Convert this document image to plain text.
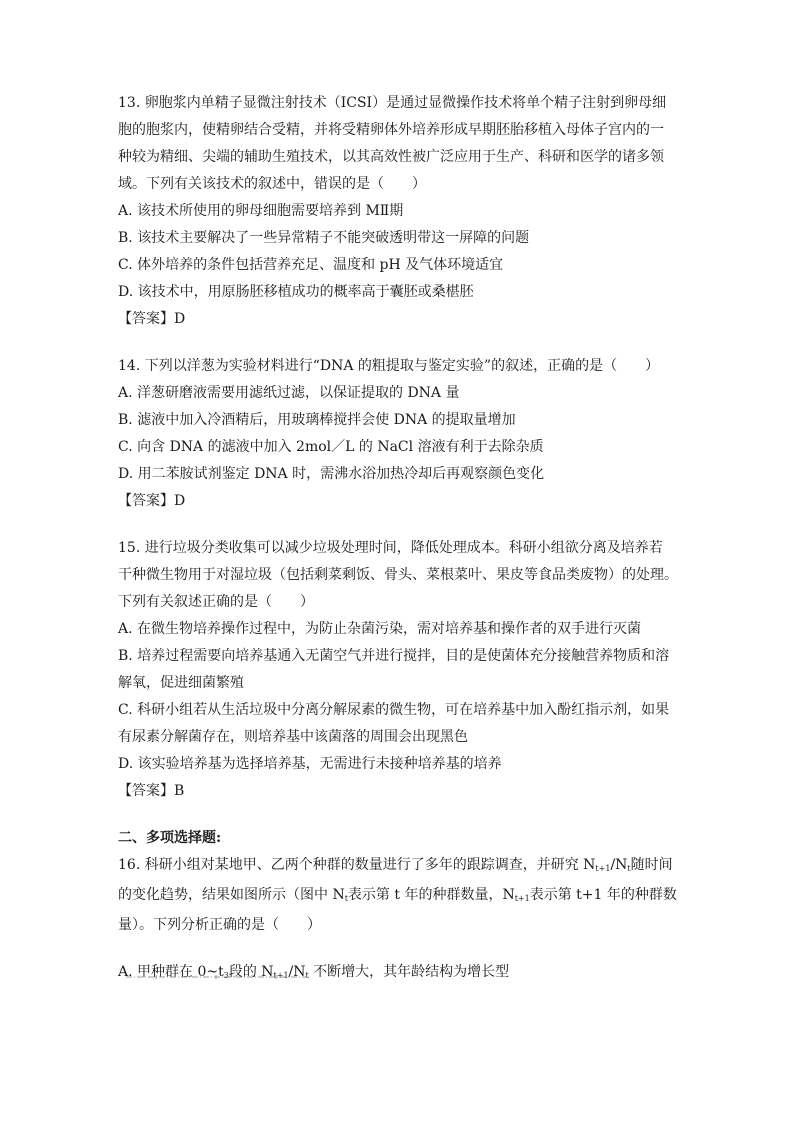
13. 卵胞浆内单精子显微注射技术（ICSI）是通过显微操作技术将单个精子注射到卵母细
胞的胞浆内，使精卵结合受精，并将受精卵体外培养形成早期胚胎移植入母体子宫内的一
种较为精细、尖端的辅助生殖技术，以其高效性被广泛应用于生产、科研和医学的诸多领
域。下列有关该技术的叙述中，错误的是（　　）
A. 该技术所使用的卵母细胞需要培养到 MⅡ期
B. 该技术主要解决了一些异常精子不能突破透明带这一屏障的问题
C. 体外培养的条件包括营养充足、温度和 pH 及气体环境适宜
D. 该技术中，用原肠胚移植成功的概率高于囊胚或桑椹胚
【答案】D
14. 下列以洋葱为实验材料进行“DNA 的粗提取与鉴定实验”的叙述，正确的是（　　）
A. 洋葱研磨液需要用滤纸过滤，以保证提取的 DNA 量
B. 滤液中加入冷酒精后，用玻璃棒搅拌会使 DNA 的提取量增加
C. 向含 DNA 的滤液中加入 2mol／L 的 NaCl 溶液有利于去除杂质
D. 用二苯胺试剂鉴定 DNA 时，需沸水浴加热冷却后再观察颜色变化
【答案】D
15. 进行垃圾分类收集可以减少垃圾处理时间，降低处理成本。科研小组欲分离及培养若
干种微生物用于对湿垃圾（包括剩菜剩饭、骨头、菜根菜叶、果皮等食品类废物）的处理。
下列有关叙述正确的是（　　）
A. 在微生物培养操作过程中，为防止杂菌污染，需对培养基和操作者的双手进行灭菌
B. 培养过程需要向培养基通入无菌空气并进行搅拌，目的是使菌体充分接触营养物质和溶
解氧，促进细菌繁殖
C. 科研小组若从生活垃圾中分离分解尿素的微生物，可在培养基中加入酚红指示剂，如果
有尿素分解菌存在，则培养基中该菌落的周围会出现黑色
D. 该实验培养基为选择培养基，无需进行未接种培养基的培养
【答案】B
二、多项选择题:
16. 科研小组对某地甲、乙两个种群的数量进行了多年的跟踪调查，并研究 $N_{t+1}/N_t$随时间
的变化趋势，结果如图所示（图中 $N_t$表示第 t 年的种群数量，$N_{t+1}$表示第 t+1 年的种群数
量）。下列分析正确的是（　　）
A. 甲种群在 $0\sim t_3$段的 $N_{t+1}/N_t$ 不断增大，其年龄结构为增长型
